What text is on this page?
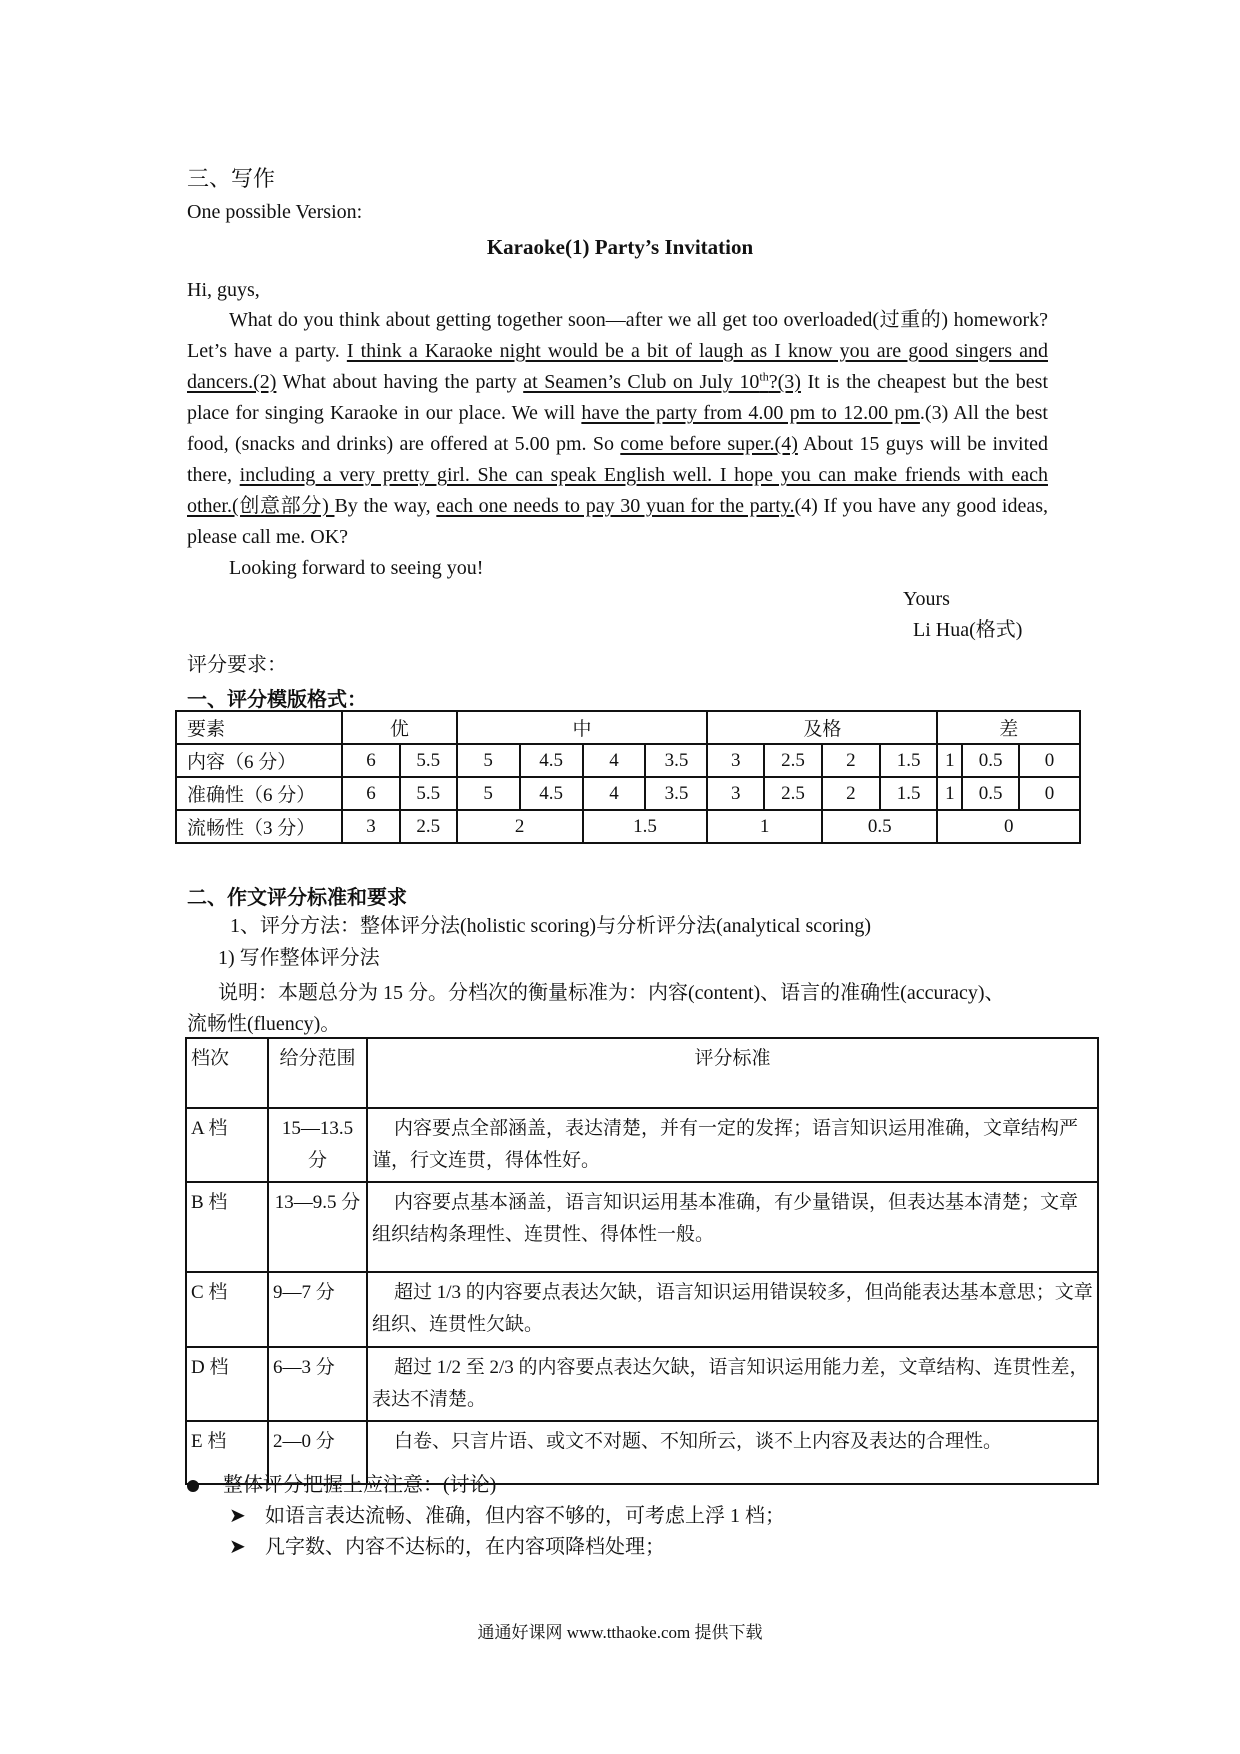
三、写作
One possible Version:
Karaoke(1) Party’s Invitation
Hi, guys,
What do you think about getting together soon—after we all get too overloaded(过重的) homework? Let’s have a party. I think a Karaoke night would be a bit of laugh as I know you are good singers and dancers.(2) What about having the party at Seamen’s Club on July 10th?(3) It is the cheapest but the best place for singing Karaoke in our place. We will have the party from 4.00 pm to 12.00 pm.(3) All the best food, (snacks and drinks) are offered at 5.00 pm. So come before super.(4) About 15 guys will be invited there, including a very pretty girl. She can speak English well. I hope you can make friends with each other.(创意部分) By the way, each one needs to pay 30 yuan for the party.(4) If you have any good ideas, please call me. OK?
Looking forward to seeing you!
Yours
Li Hua(格式)
评分要求：
一、评分模版格式：
要素	优		中				及格				差		
内容（6 分）	6	5.5	5	4.5	4	3.5	3	2.5	2	1.5	1	0.5	0
准确性（6 分）	6	5.5	5	4.5	4	3.5	3	2.5	2	1.5	1	0.5	0
流畅性（3 分）	3	2.5	2		1.5		1		0.5		0		
二、作文评分标准和要求
1、评分方法：整体评分法(holistic scoring)与分析评分法(analytical scoring)
1) 写作整体评分法
说明：本题总分为 15 分。分档次的衡量标准为：内容(content)、语言的准确性(accuracy)、
流畅性(fluency)。
档次	给分范围	评分标准
A 档	15—13.5 分	内容要点全部涵盖，表达清楚，并有一定的发挥；语言知识运用准确，文章结构严谨，行文连贯，得体性好。
B 档	13—9.5 分	内容要点基本涵盖，语言知识运用基本准确，有少量错误，但表达基本清楚；文章组织结构条理性、连贯性、得体性一般。
C 档	9—7 分	超过 1/3 的内容要点表达欠缺，语言知识运用错误较多，但尚能表达基本意思；文章组织、连贯性欠缺。
D 档	6—3 分	超过 1/2 至 2/3 的内容要点表达欠缺，语言知识运用能力差，文章结构、连贯性差，表达不清楚。
E 档	2—0 分	白卷、只言片语、或文不对题、不知所云，谈不上内容及表达的合理性。
整体评分把握上应注意：(讨论)
➤ 如语言表达流畅、准确，但内容不够的，可考虑上浮 1 档；
➤ 凡字数、内容不达标的，在内容项降档处理；
通通好课网 www.tthaoke.com 提供下载
